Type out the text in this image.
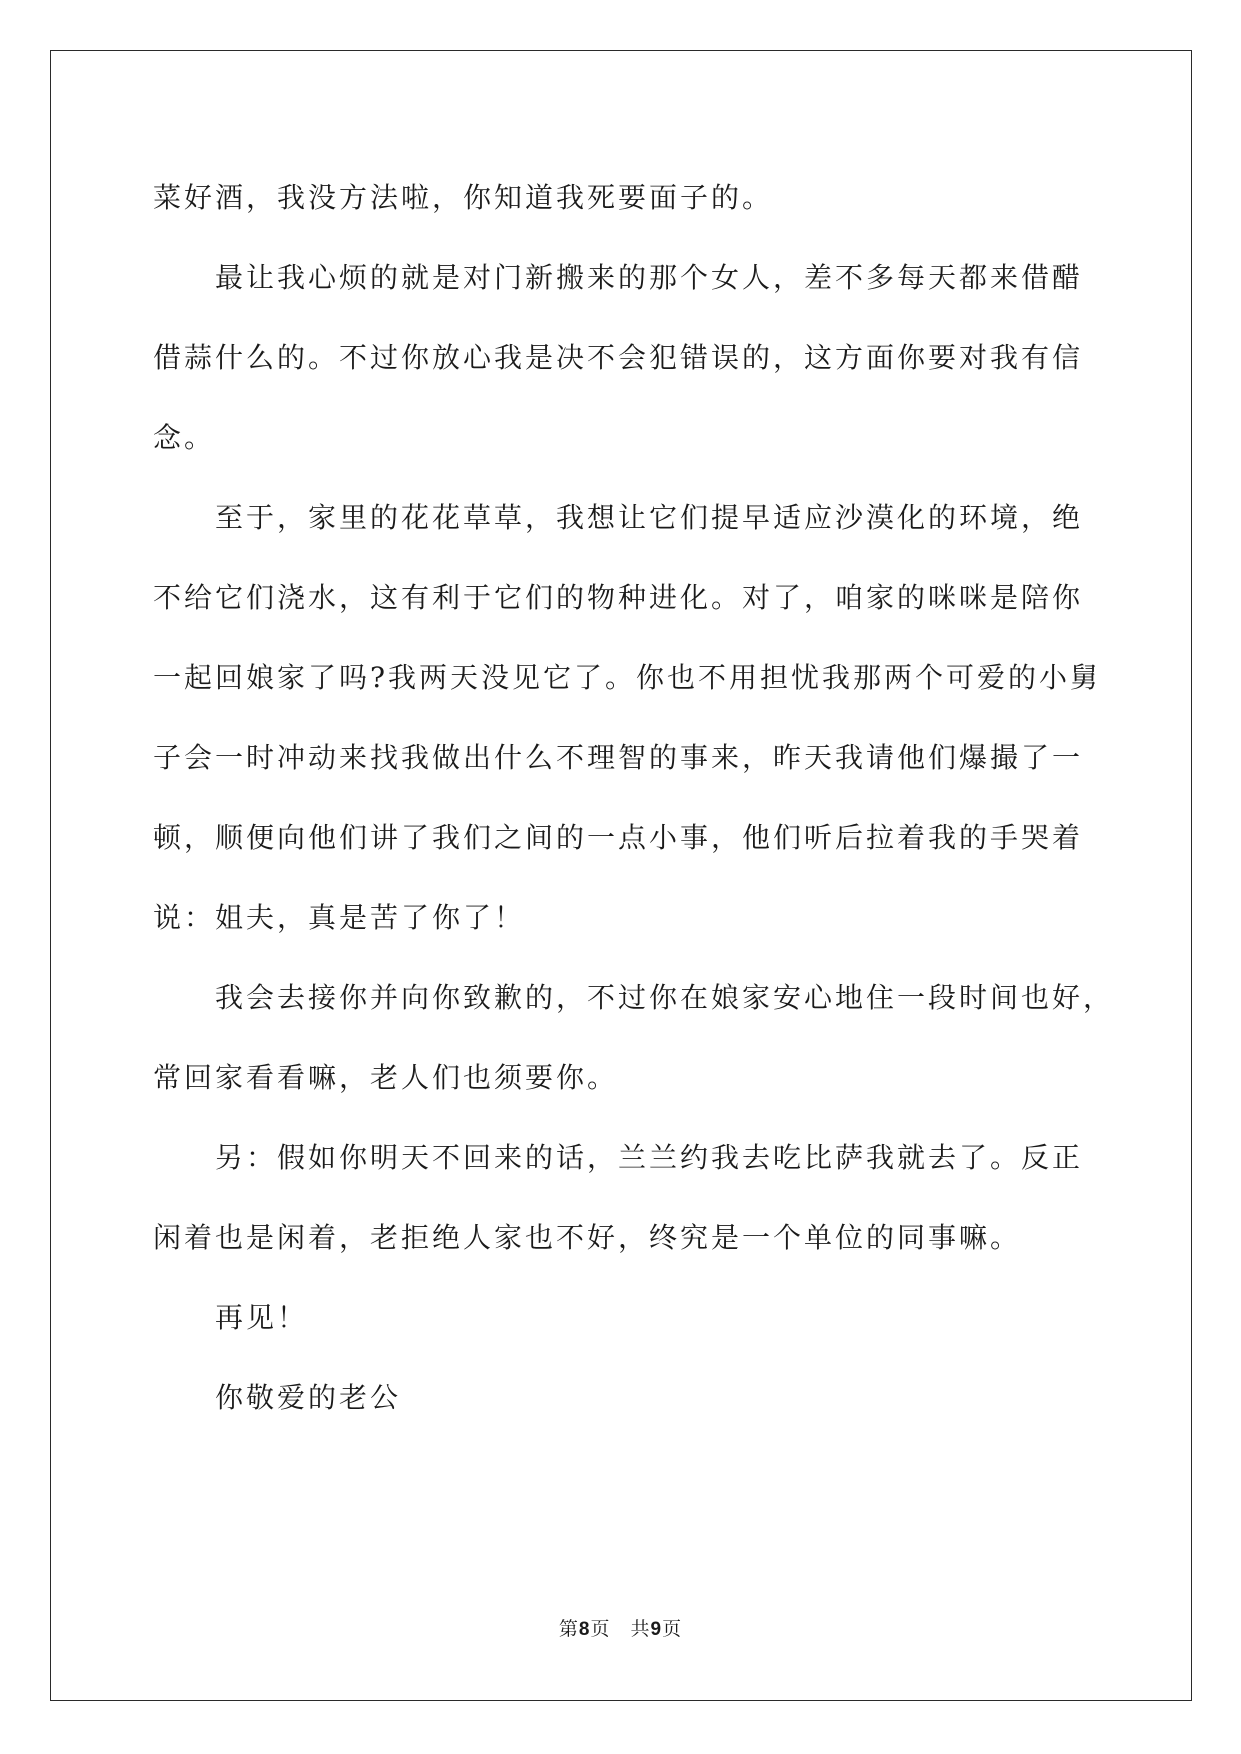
菜好酒，我没方法啦，你知道我死要面子的。
最让我心烦的就是对门新搬来的那个女人，差不多每天都来借醋
借蒜什么的。不过你放心我是决不会犯错误的，这方面你要对我有信
念。
至于，家里的花花草草，我想让它们提早适应沙漠化的环境，绝
不给它们浇水，这有利于它们的物种进化。对了，咱家的咪咪是陪你
一起回娘家了吗?我两天没见它了。你也不用担忧我那两个可爱的小舅
子会一时冲动来找我做出什么不理智的事来，昨天我请他们爆撮了一
顿，顺便向他们讲了我们之间的一点小事，他们听后拉着我的手哭着
说：姐夫，真是苦了你了！
我会去接你并向你致歉的，不过你在娘家安心地住一段时间也好，
常回家看看嘛，老人们也须要你。
另：假如你明天不回来的话，兰兰约我去吃比萨我就去了。反正
闲着也是闲着，老拒绝人家也不好，终究是一个单位的同事嘛。
再见！
你敬爱的老公
第8页　共9页
